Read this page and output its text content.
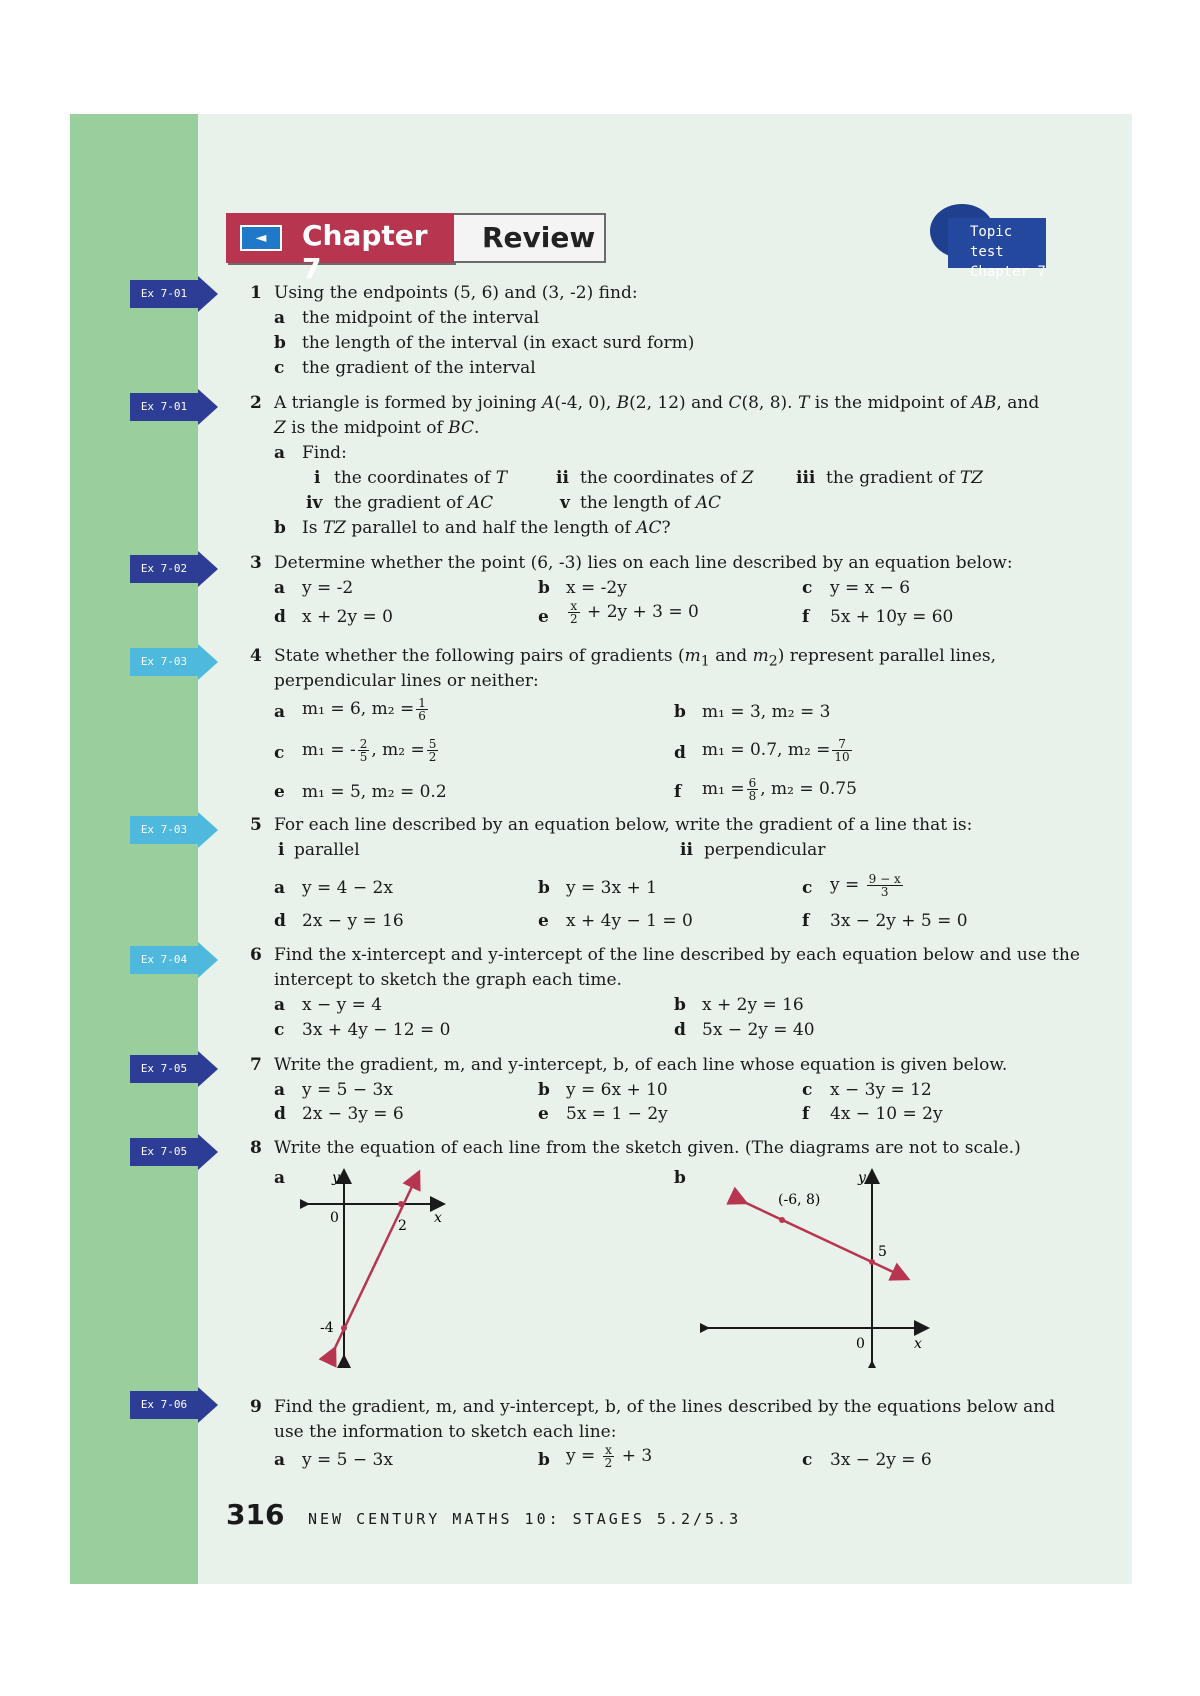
◄	Chapter 7
Review	Topic test
Chapter 7
Ex 7-01
Ex 7-01
Ex 7-02
Ex 7-03
Ex 7-03
Ex 7-04
Ex 7-05
Ex 7-05
Ex 7-06
1 Using the endpoints (5, 6) and (3, -2) find:
a the midpoint of the interval
b the length of the interval (in exact surd form)
c the gradient of the interval
2 A triangle is formed by joining A(-4, 0), B(2, 12) and C(8, 8). T is the midpoint of AB, and
Z is the midpoint of BC.
a Find:
i the coordinates of T	ii the coordinates of Z iii the gradient of TZ
iv the gradient of AC	v the length of AC
b Is TZ parallel to and half the length of AC?
3 Determine whether the point (6, -3) lies on each line described by an equation below:
a y = -2	b x = -2y	c y = x − 6
d x + 2y = 0	e $\frac{x}{2} + 2y + 3 = 0$	f 5x + 10y = 60
4 State whether the following pairs of gradients ($m_1$ and $m_2$) represent parallel lines,
perpendicular lines or neither:
a m₁ = 6, $m_2 = \frac{1}{6}$	b m₁ = 3, m₂ = 3
c m₁ = - $\frac{2}{5}$ , $m_2 = \frac{5}{2}$	d m₁ = 0.7, $m_2 = \frac{7}{10}$
e m₁ = 5, m₂ = 0.2	f $m_1 = \frac{6}{8}$ , m₂ = 0.75
5 For each line described by an equation below, write the gradient of a line that is:
i parallel	ii perpendicular
a y = 4 − 2x	b y = 3x + 1	c $y = \frac{9 - x}{3}$
d 2x − y = 16	e x + 4y − 1 = 0	f 3x − 2y + 5 = 0
6 Find the x-intercept and y-intercept of the line described by each equation below and use the
intercept to sketch the graph each time.
a x − y = 4	b x + 2y = 16
c 3x + 4y − 12 = 0	d 5x − 2y = 40
7 Write the gradient, m, and y-intercept, b, of each line whose equation is given below.
a y = 5 − 3x	b y = 6x + 10	c x − 3y = 12
d 2x − 3y = 6	e 5x = 1 − 2y	f 4x − 10 = 2y
8 Write the equation of each line from the sketch given. (The diagrams are not to scale.)
a	b
y
x
0	2
-4
y
x
0
(-6, 8)
5
9 Find the gradient, m, and y-intercept, b, of the lines described by the equations below and
use the information to sketch each line:
a y = 5 − 3x	b $y = \frac{x}{2} + 3$	c 3x − 2y = 6
316 NEW CENTURY MATHS 10: STAGES 5.2/5.3
